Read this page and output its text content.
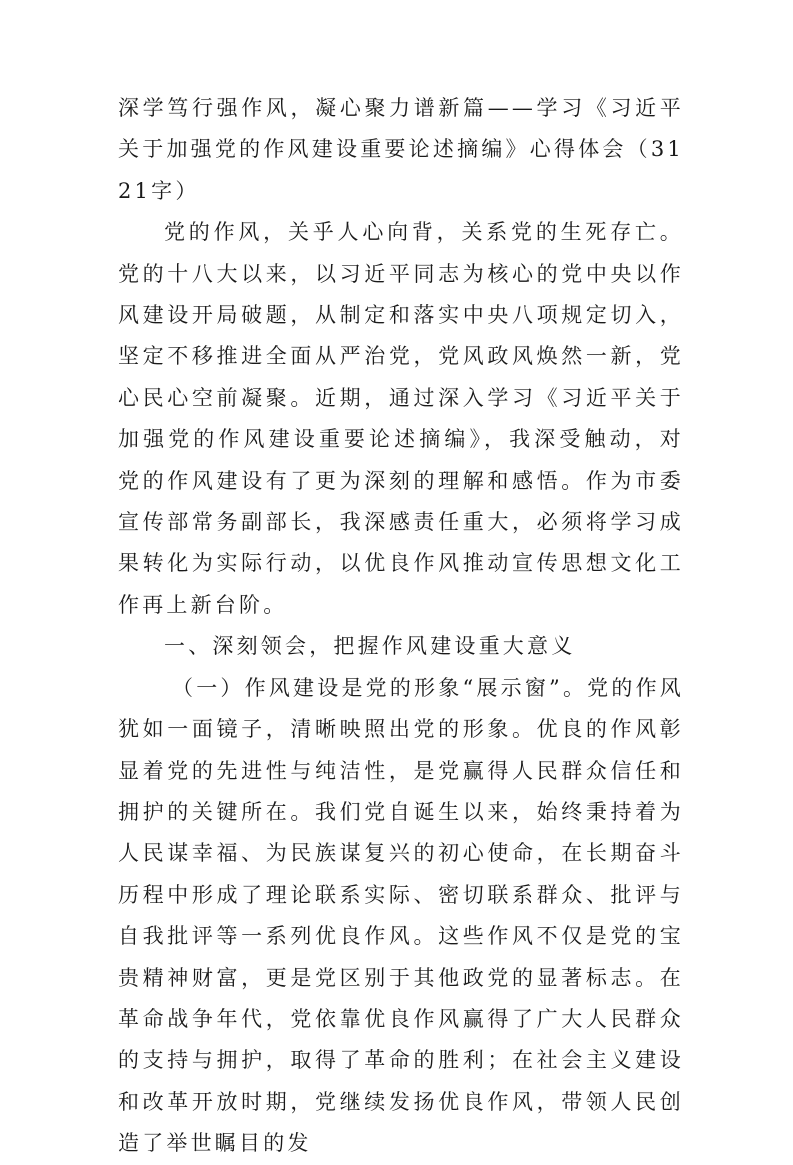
深学笃行强作风，凝心聚力谱新篇——学习《习近平关于加强党的作风建设重要论述摘编》心得体会（3121字）

党的作风，关乎人心向背，关系党的生死存亡。党的十八大以来，以习近平同志为核心的党中央以作风建设开局破题，从制定和落实中央八项规定切入，坚定不移推进全面从严治党，党风政风焕然一新，党心民心空前凝聚。近期，通过深入学习《习近平关于加强党的作风建设重要论述摘编》，我深受触动，对党的作风建设有了更为深刻的理解和感悟。作为市委宣传部常务副部长，我深感责任重大，必须将学习成果转化为实际行动，以优良作风推动宣传思想文化工作再上新台阶。

一、深刻领会，把握作风建设重大意义

（一）作风建设是党的形象“展示窗”。党的作风犹如一面镜子，清晰映照出党的形象。优良的作风彰显着党的先进性与纯洁性，是党赢得人民群众信任和拥护的关键所在。我们党自诞生以来，始终秉持着为人民谋幸福、为民族谋复兴的初心使命，在长期奋斗历程中形成了理论联系实际、密切联系群众、批评与自我批评等一系列优良作风。这些作风不仅是党的宝贵精神财富，更是党区别于其他政党的显著标志。在革命战争年代，党依靠优良作风赢得了广大人民群众的支持与拥护，取得了革命的胜利；在社会主义建设和改革开放时期，党继续发扬优良作风，带领人民创造了举世瞩目的发
